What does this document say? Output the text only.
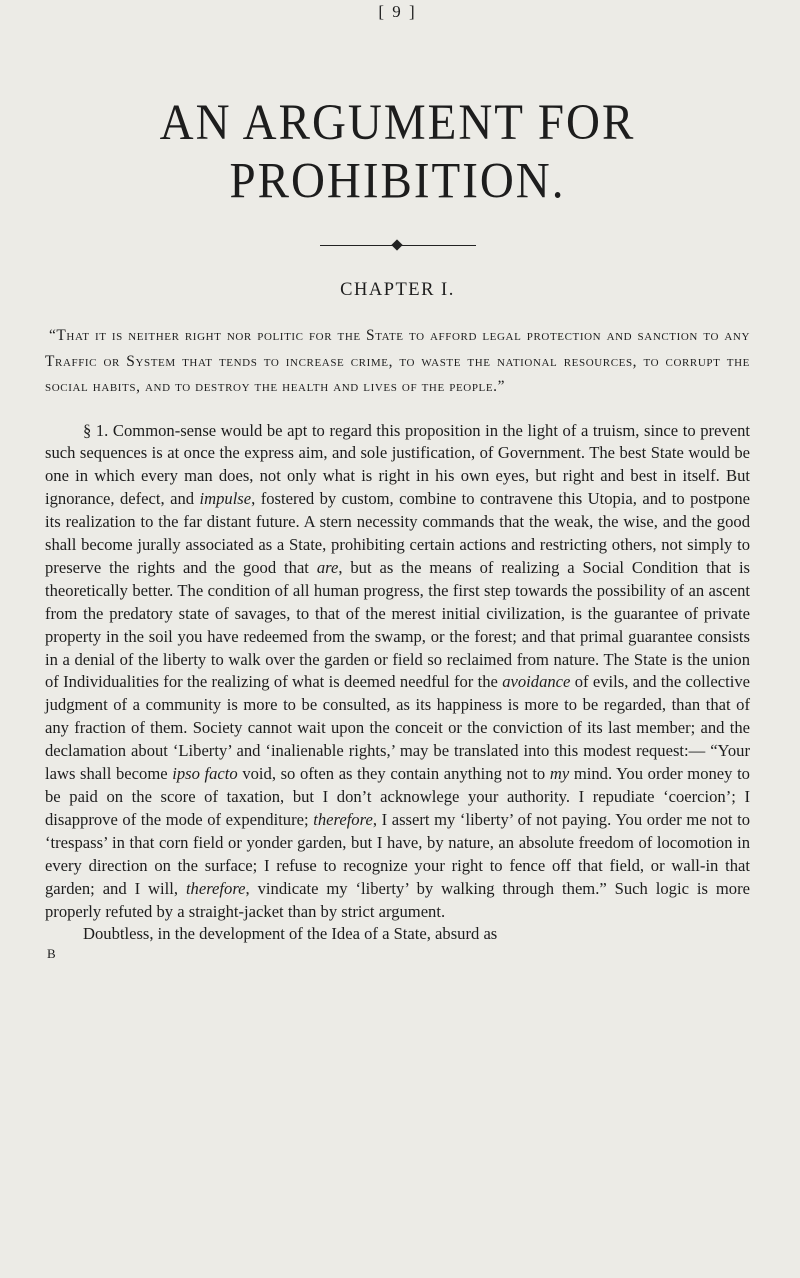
[ 9 ]
AN ARGUMENT FOR PROHIBITION.
CHAPTER I.

“That it is neither right nor politic for the State to afford legal protection and sanction to any Traffic or System that tends to increase crime, to waste the national resources, to corrupt the social habits, and to destroy the health and lives of the people.”

§ 1. Common-sense would be apt to regard this proposition in the light of a truism, since to prevent such sequences is at once the express aim, and sole justification, of Government. The best State would be one in which every man does, not only what is right in his own eyes, but right and best in itself. But ignorance, defect, and impulse, fostered by custom, combine to contravene this Utopia, and to postpone its realization to the far distant future. A stern necessity commands that the weak, the wise, and the good shall become jurally associated as a State, prohibiting certain actions and restricting others, not simply to preserve the rights and the good that are, but as the means of realizing a Social Condition that is theoretically better. The condition of all human progress, the first step towards the possibility of an ascent from the predatory state of savages, to that of the merest initial civilization, is the guarantee of private property in the soil you have redeemed from the swamp, or the forest; and that primal guarantee consists in a denial of the liberty to walk over the garden or field so reclaimed from nature. The State is the union of Individualities for the realizing of what is deemed needful for the avoidance of evils, and the collective judgment of a community is more to be consulted, as its happiness is more to be regarded, than that of any fraction of them. Society cannot wait upon the conceit or the conviction of its last member; and the declamation about ‘Liberty’ and ‘inalienable rights,’ may be translated into this modest request:— “Your laws shall become ipso facto void, so often as they contain anything not to my mind. You order money to be paid on the score of taxation, but I don’t acknowlege your authority. I repudiate ‘coercion’; I disapprove of the mode of expenditure; therefore, I assert my ‘liberty’ of not paying. You order me not to ‘trespass’ in that corn field or yonder garden, but I have, by nature, an absolute freedom of locomotion in every direction on the surface; I refuse to recognize your right to fence off that field, or wall-in that garden; and I will, therefore, vindicate my ‘liberty’ by walking through them.” Such logic is more properly refuted by a straight-jacket than by strict argument.

Doubtless, in the development of the Idea of a State, absurd as

B
